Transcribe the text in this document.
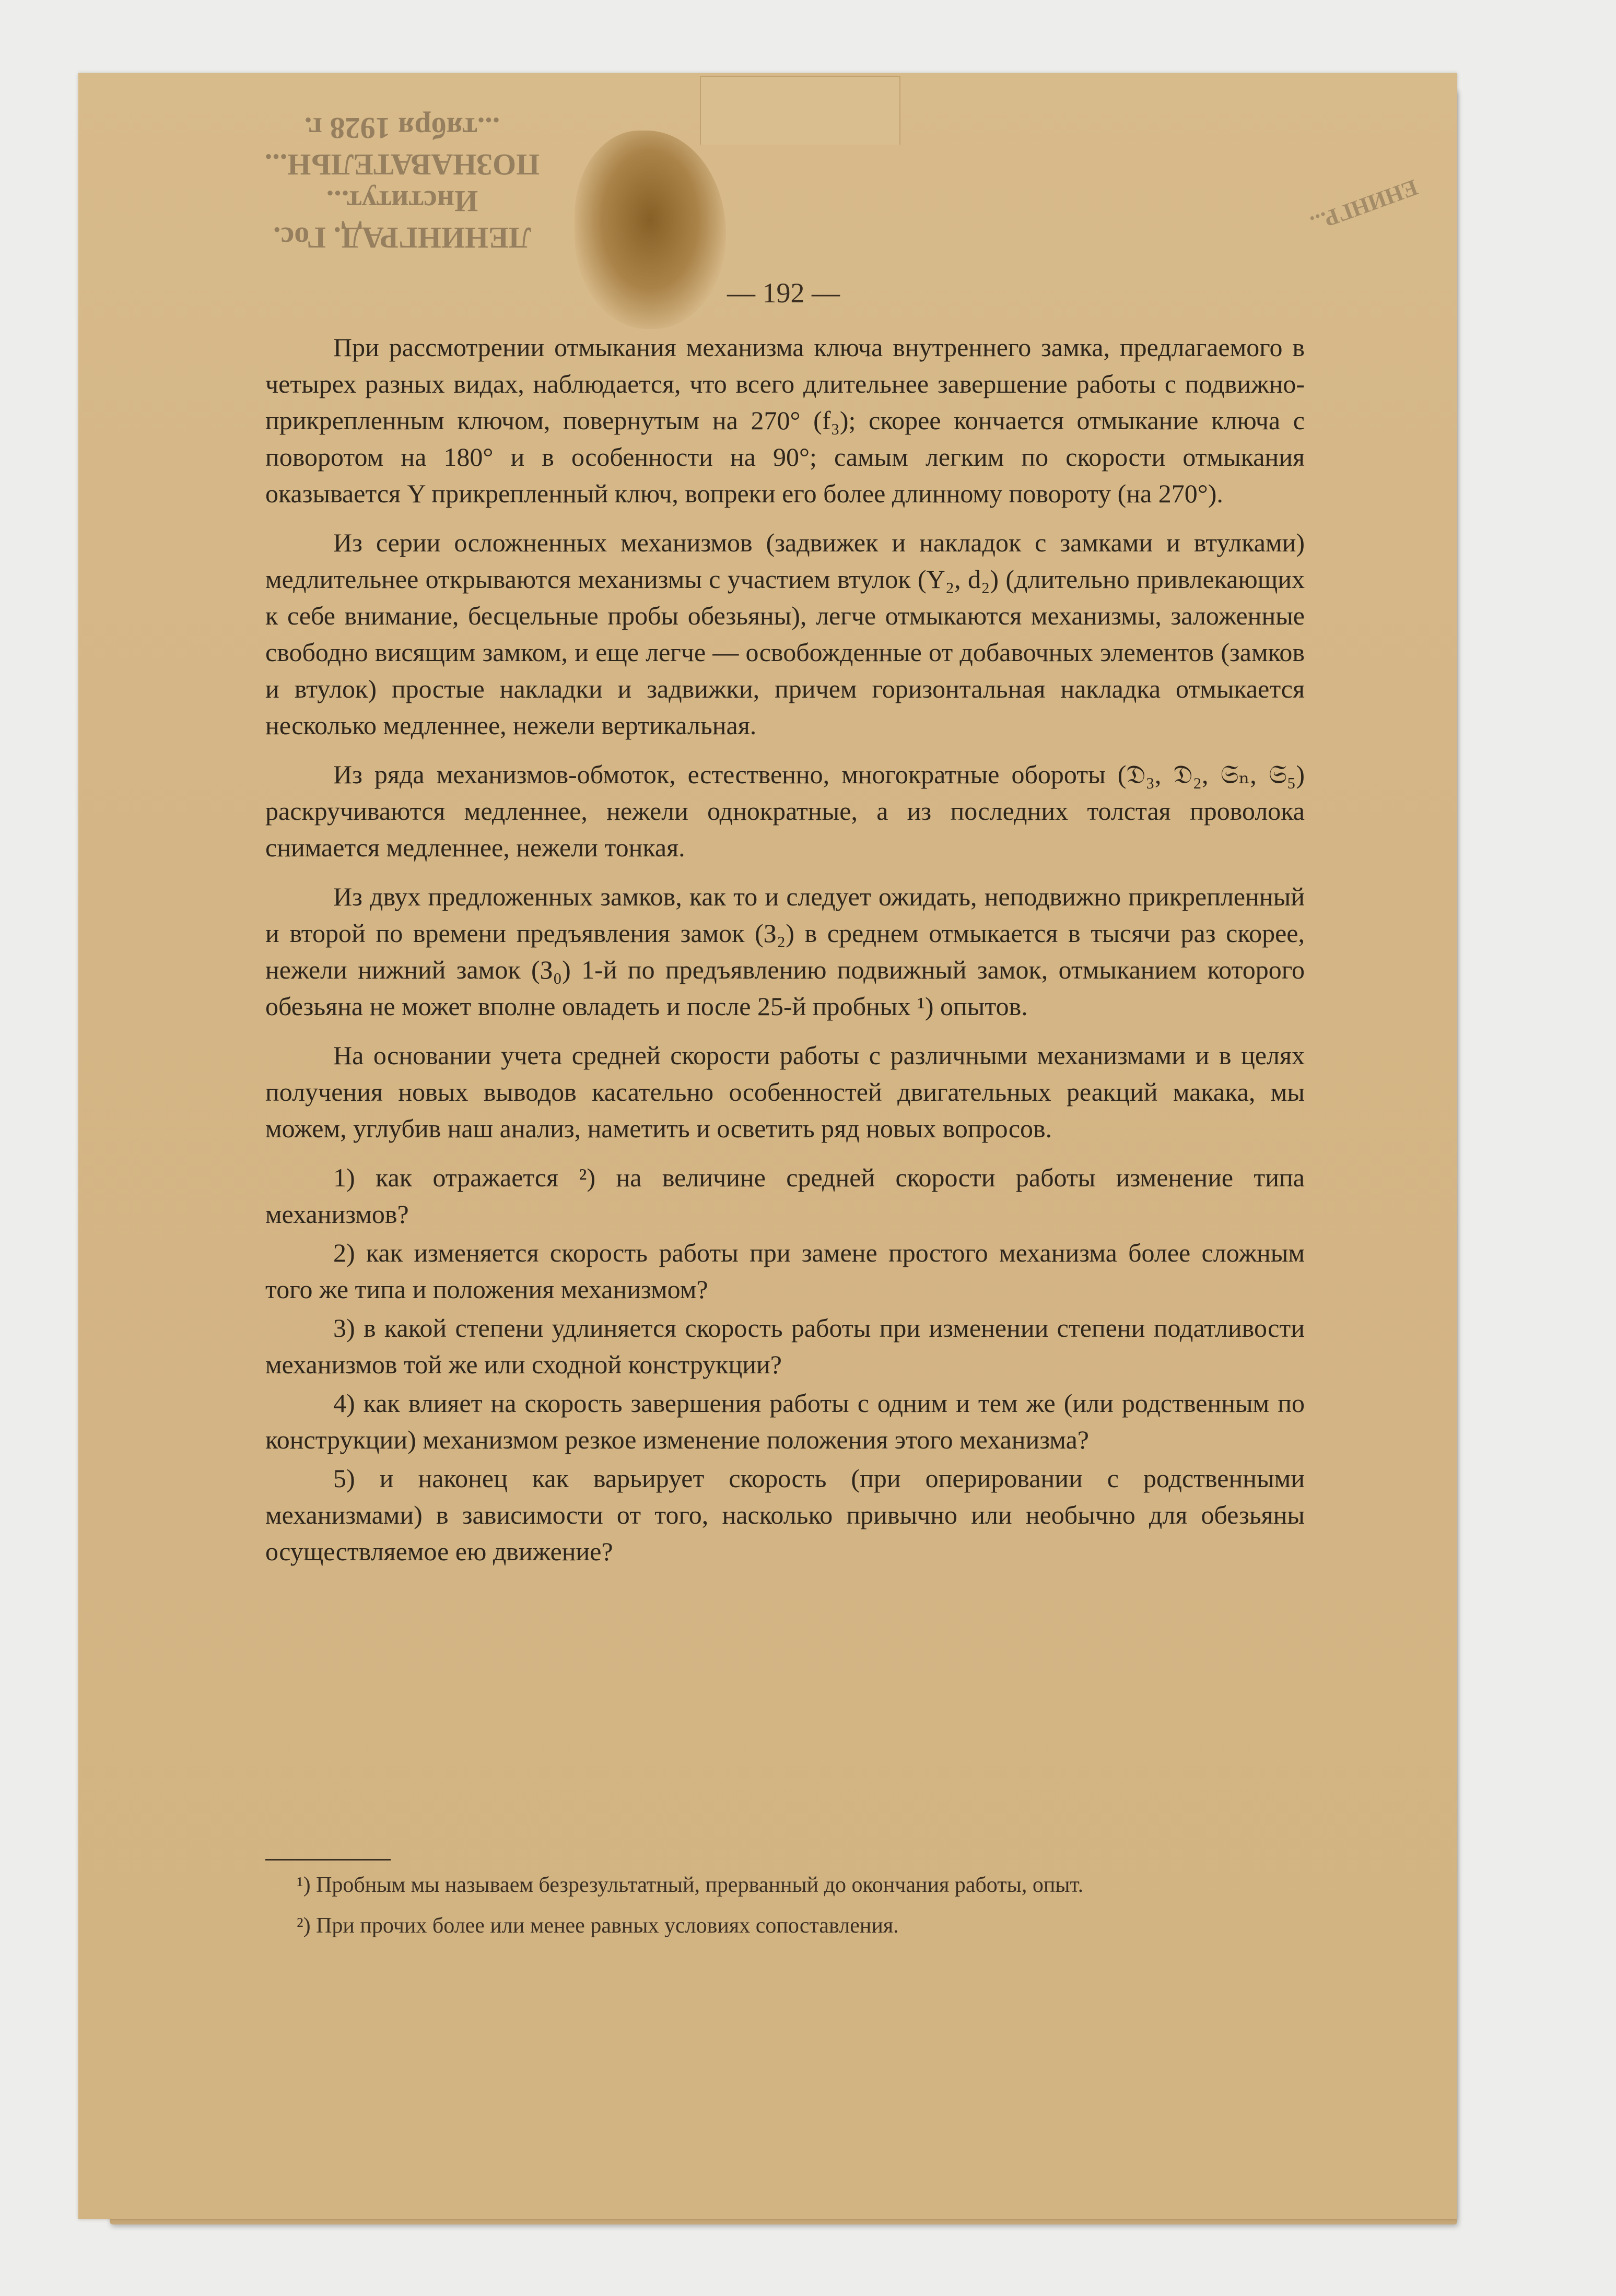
ЛЕНИНГРАД. Гос. Институт... ПОЗНАВАТЕЛЬН... ...тября 1928 г.
ЕНИНГР...
— 192 —

При рассмотрении отмыкания механизма ключа внутреннего замка, предлагаемого в четырех разных видах, наблюдается, что всего длительнее завершение работы с подвижно-прикрепленным ключом, повернутым на 270° (f₃); скорее кончается отмыкание ключа с поворотом на 180° и в особенности на 90°; самым легким по скорости отмыкания оказывается Y прикрепленный ключ, вопреки его более длинному повороту (на 270°).

Из серии осложненных механизмов (задвижек и накладок с замками и втулками) медлительнее открываются механизмы с участием втулок (Y₂, d₂) (длительно привлекающих к себе внимание, бесцельные пробы обезьяны), легче отмыкаются механизмы, заложенные свободно висящим замком, и еще легче — освобожденные от добавочных элементов (замков и втулок) простые накладки и задвижки, причем горизонтальная накладка отмыкается несколько медленнее, нежели вертикальная.

Из ряда механизмов-обмоток, естественно, многократные обороты (𝔇₃, 𝔇₂, 𝔖ₙ, 𝔖₅) раскручиваются медленнее, нежели однократные, а из последних толстая проволока снимается медленнее, нежели тонкая.

Из двух предложенных замков, как то и следует ожидать, неподвижно прикрепленный и второй по времени предъявления замок (З₂) в среднем отмыкается в тысячи раз скорее, нежели нижний замок (З₀) 1-й по предъявлению подвижный замок, отмыканием которого обезьяна не может вполне овладеть и после 25-й пробных ¹) опытов.

На основании учета средней скорости работы с различными механизмами и в целях получения новых выводов касательно особенностей двигательных реакций макака, мы можем, углубив наш анализ, наметить и осветить ряд новых вопросов.

1) как отражается ²) на величине средней скорости работы изменение типа механизмов?

2) как изменяется скорость работы при замене простого механизма более сложным того же типа и положения механизмом?

3) в какой степени удлиняется скорость работы при изменении степени податливости механизмов той же или сходной конструкции?

4) как влияет на скорость завершения работы с одним и тем же (или родственным по конструкции) механизмом резкое изменение положения этого механизма?

5) и наконец как варьирует скорость (при оперировании с родственными механизмами) в зависимости от того, насколько привычно или необычно для обезьяны осуществляемое ею движение?

¹) Пробным мы называем безрезультатный, прерванный до окончания работы, опыт.

²) При прочих более или менее равных условиях сопоставления.
